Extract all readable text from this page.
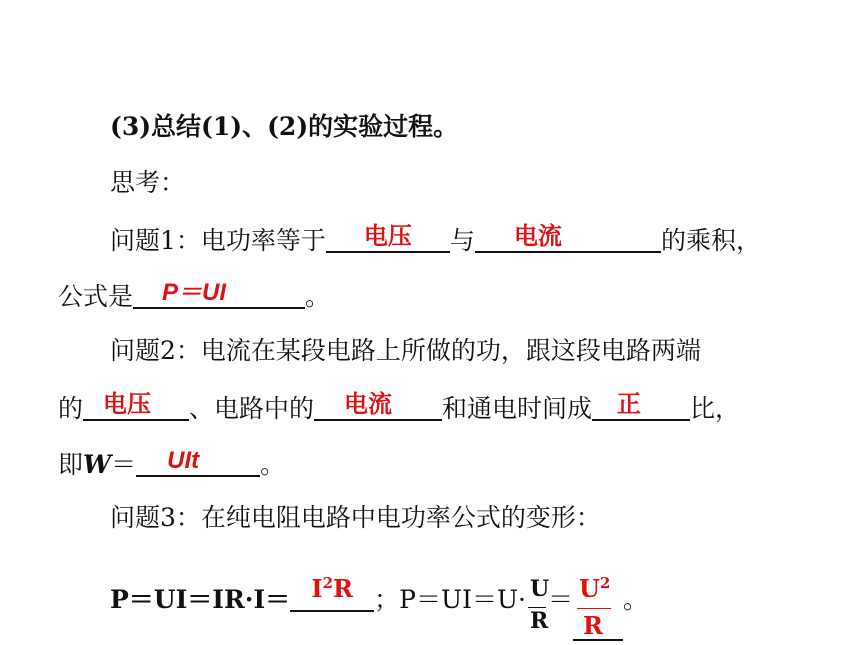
(3)总结(1)、(2)的实验过程。
思考：
问题1：电功率等于	电压	与	电流	的乘积，
公式是	P＝UI	。
问题2：电流在某段电路上所做的功，跟这段电路两端
的 电压	、电路中的	电流	和通电时间成	正	比，
即W＝	UIt	。
问题3：在纯电阻电路中电功率公式的变形：
$P=UI=IR\cdot I= I^2R$ ；$P=UI=U\cdot \frac{U}{R} = \frac{U^2}{R}$ 。
